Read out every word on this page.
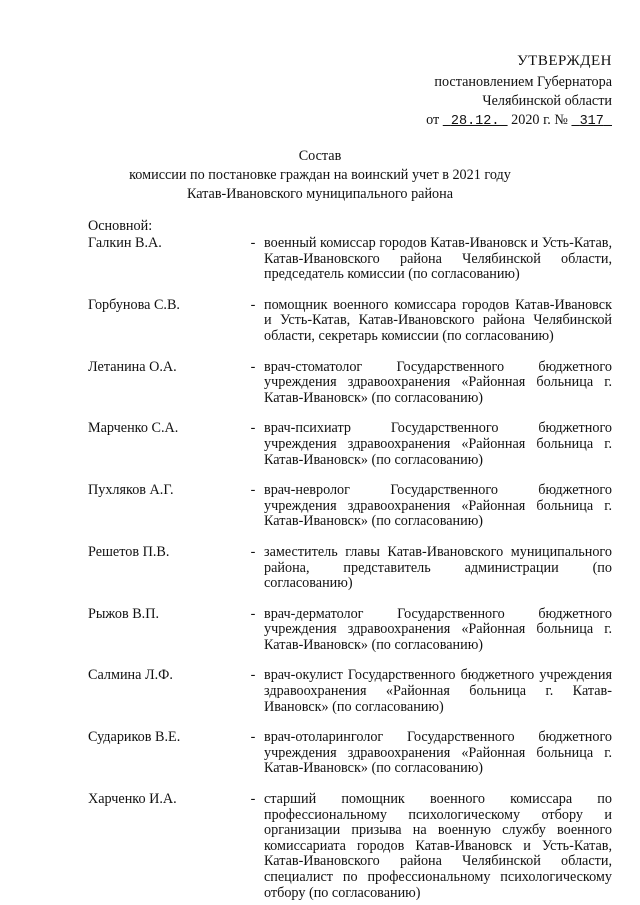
УТВЕРЖДЕН
постановлением Губернатора
Челябинской области
от 28.12. 2020 г. № 317
Состав
комиссии по постановке граждан на воинский учет в 2021 году
Катав-Ивановского муниципального района
Основной:
Галкин В.А.	- военный комиссар городов Катав-Ивановск и Усть-Катав, Катав-Ивановского района Челябинской области, председатель комиссии (по согласованию)
Горбунова С.В.	- помощник военного комиссара городов Катав-Ивановск и Усть-Катав, Катав-Ивановского района Челябинской области, секретарь комиссии (по согласованию)
Летанина О.А.	- врач-стоматолог Государственного бюджетного учреждения здравоохранения «Районная больница г. Катав-Ивановск» (по согласованию)
Марченко С.А.	- врач-психиатр Государственного бюджетного учреждения здравоохранения «Районная больница г. Катав-Ивановск» (по согласованию)
Пухляков А.Г.	- врач-невролог Государственного бюджетного учреждения здравоохранения «Районная больница г. Катав-Ивановск» (по согласованию)
Решетов П.В.	- заместитель главы Катав-Ивановского муниципального района, представитель администрации (по согласованию)
Рыжов В.П.	- врач-дерматолог Государственного бюджетного учреждения здравоохранения «Районная больница г. Катав-Ивановск» (по согласованию)
Салмина Л.Ф.	- врач-окулист Государственного бюджетного учреждения здравоохранения «Районная больница г. Катав-Ивановск» (по согласованию)
Судариков В.Е.	- врач-отоларинголог Государственного бюджетного учреждения здравоохранения «Районная больница г. Катав-Ивановск» (по согласованию)
Харченко И.А.	- старший помощник военного комиссара по профессиональному психологическому отбору и организации призыва на военную службу военного комиссариата городов Катав-Ивановск и Усть-Катав, Катав-Ивановского района Челябинской области, специалист по профессиональному психологическому отбору (по согласованию)
